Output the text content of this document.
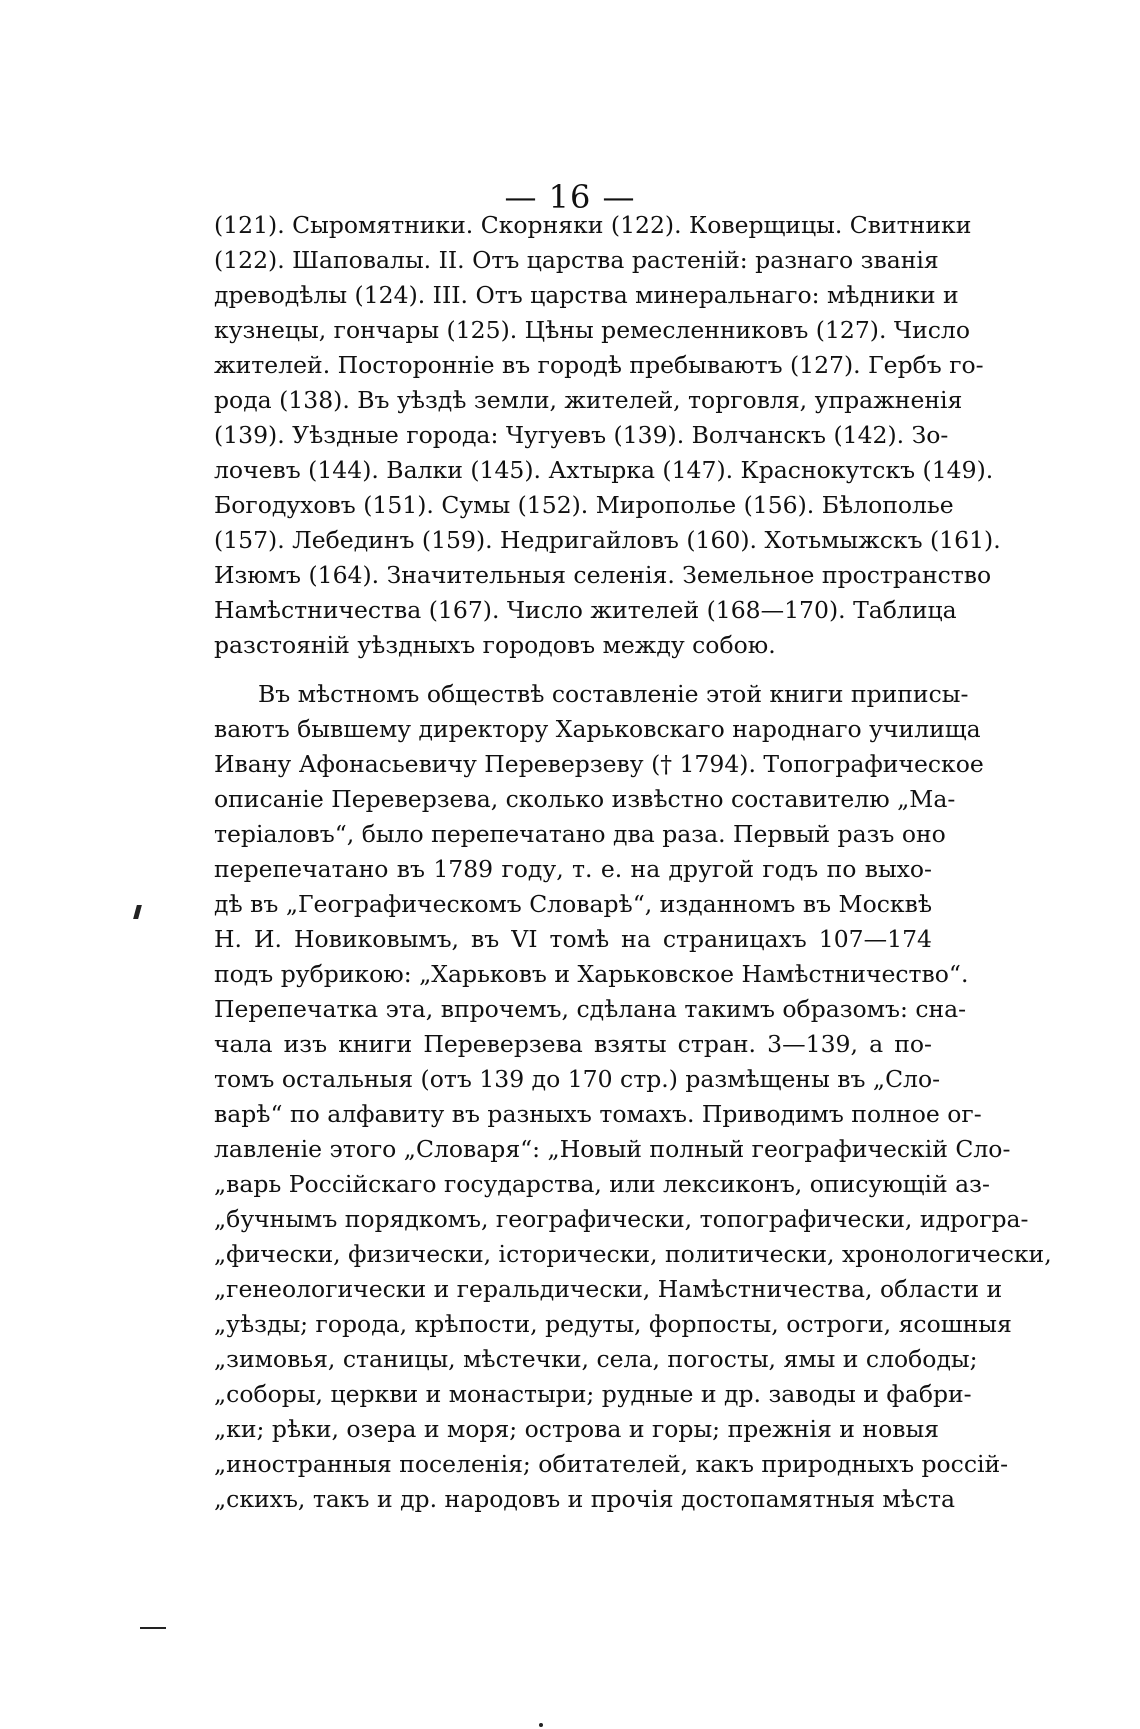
— 16 —
(121). Сыромятники. Скорняки (122). Коверщицы. Свитники
(122). Шаповалы. II. Отъ царства растеній: разнаго званія
древодѣлы (124). III. Отъ царства минеральнаго: мѣдники и
кузнецы, гончары (125). Цѣны ремесленниковъ (127). Число
жителей. Посторонніе въ городѣ пребываютъ (127). Гербъ го-
рода (138). Въ уѣздѣ земли, жителей, торговля, упражненія
(139). Уѣздные города: Чугуевъ (139). Волчанскъ (142). Зо-
лочевъ (144). Валки (145). Ахтырка (147). Краснокутскъ (149).
Богодуховъ (151). Сумы (152). Мирополье (156). Бѣлополье
(157). Лебединъ (159). Недригайловъ (160). Хотьмыжскъ (161).
Изюмъ (164). Значительныя селенія. Земельное пространство
Намѣстничества (167). Число жителей (168—170). Таблица
разстояній уѣздныхъ городовъ между собою.
Въ мѣстномъ обществѣ составленіе этой книги приписы-
ваютъ бывшему директору Харьковскаго народнаго училища
Ивану Афонасьевичу Переверзеву († 1794). Топографическое
описаніе Переверзева, сколько извѣстно составителю „Ма-
теріаловъ“, было перепечатано два раза. Первый разъ оно
перепечатано въ 1789 году, т. е. на другой годъ по выхо-
дѣ въ „Географическомъ Словарѣ“, изданномъ въ Москвѣ
Н. И. Новиковымъ, въ VI томѣ на страницахъ 107—174
подъ рубрикою: „Харьковъ и Харьковское Намѣстничество“.
Перепечатка эта, впрочемъ, сдѣлана такимъ образомъ: сна-
чала изъ книги Переверзева взяты стран. 3—139, а по-
томъ остальныя (отъ 139 до 170 стр.) размѣщены въ „Сло-
варѣ“ по алфавиту въ разныхъ томахъ. Приводимъ полное ог-
лавленіе этого „Словаря“: „Новый полный географическій Сло-
„варь Россійскаго государства, или лексиконъ, описующій аз-
„бучнымъ порядкомъ, географически, топографически, идрогра-
„фически, физически, історически, политически, хронологически,
„генеологически и геральдически, Намѣстничества, области и
„уѣзды; города, крѣпости, редуты, форпосты, остроги, ясошныя
„зимовья, станицы, мѣстечки, села, погосты, ямы и слободы;
„соборы, церкви и монастыри; рудные и др. заводы и фабри-
„ки; рѣки, озера и моря; острова и горы; прежнія и новыя
„иностранныя поселенія; обитателей, какъ природныхъ россій-
„скихъ, такъ и др. народовъ и прочія достопамятныя мѣста
